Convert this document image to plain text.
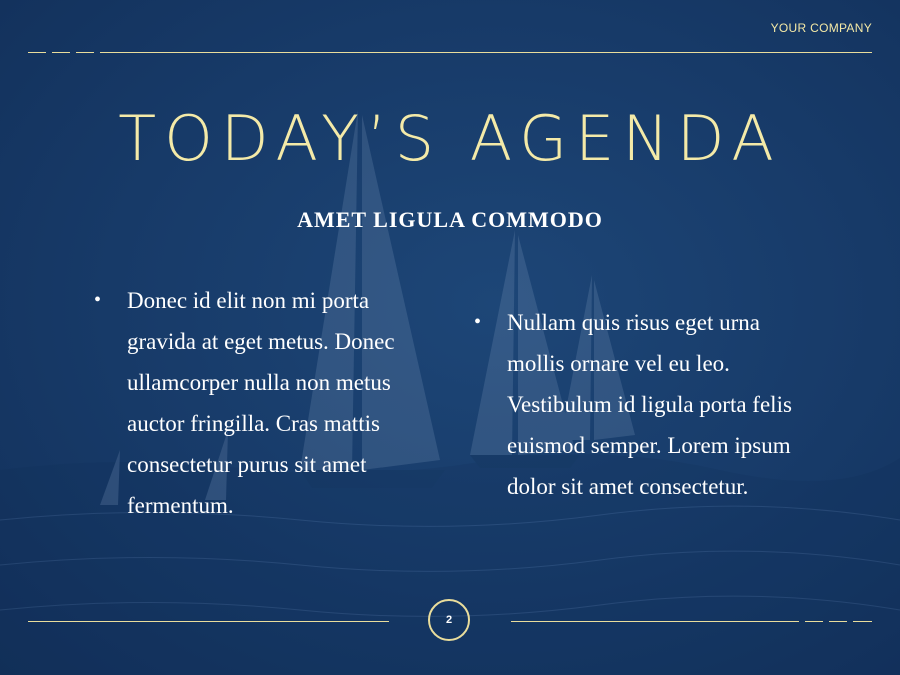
YOUR COMPANY
TODAY’S AGENDA
AMET LIGULA COMMODO
• Donec id elit non mi porta gravida at eget metus. Donec ullamcorper nulla non metus auctor fringilla. Cras mattis consectetur purus sit amet fermentum.
• Nullam quis risus eget urna mollis ornare vel eu leo. Vestibulum id ligula porta felis euismod semper. Lorem ipsum dolor sit amet consectetur.
2
